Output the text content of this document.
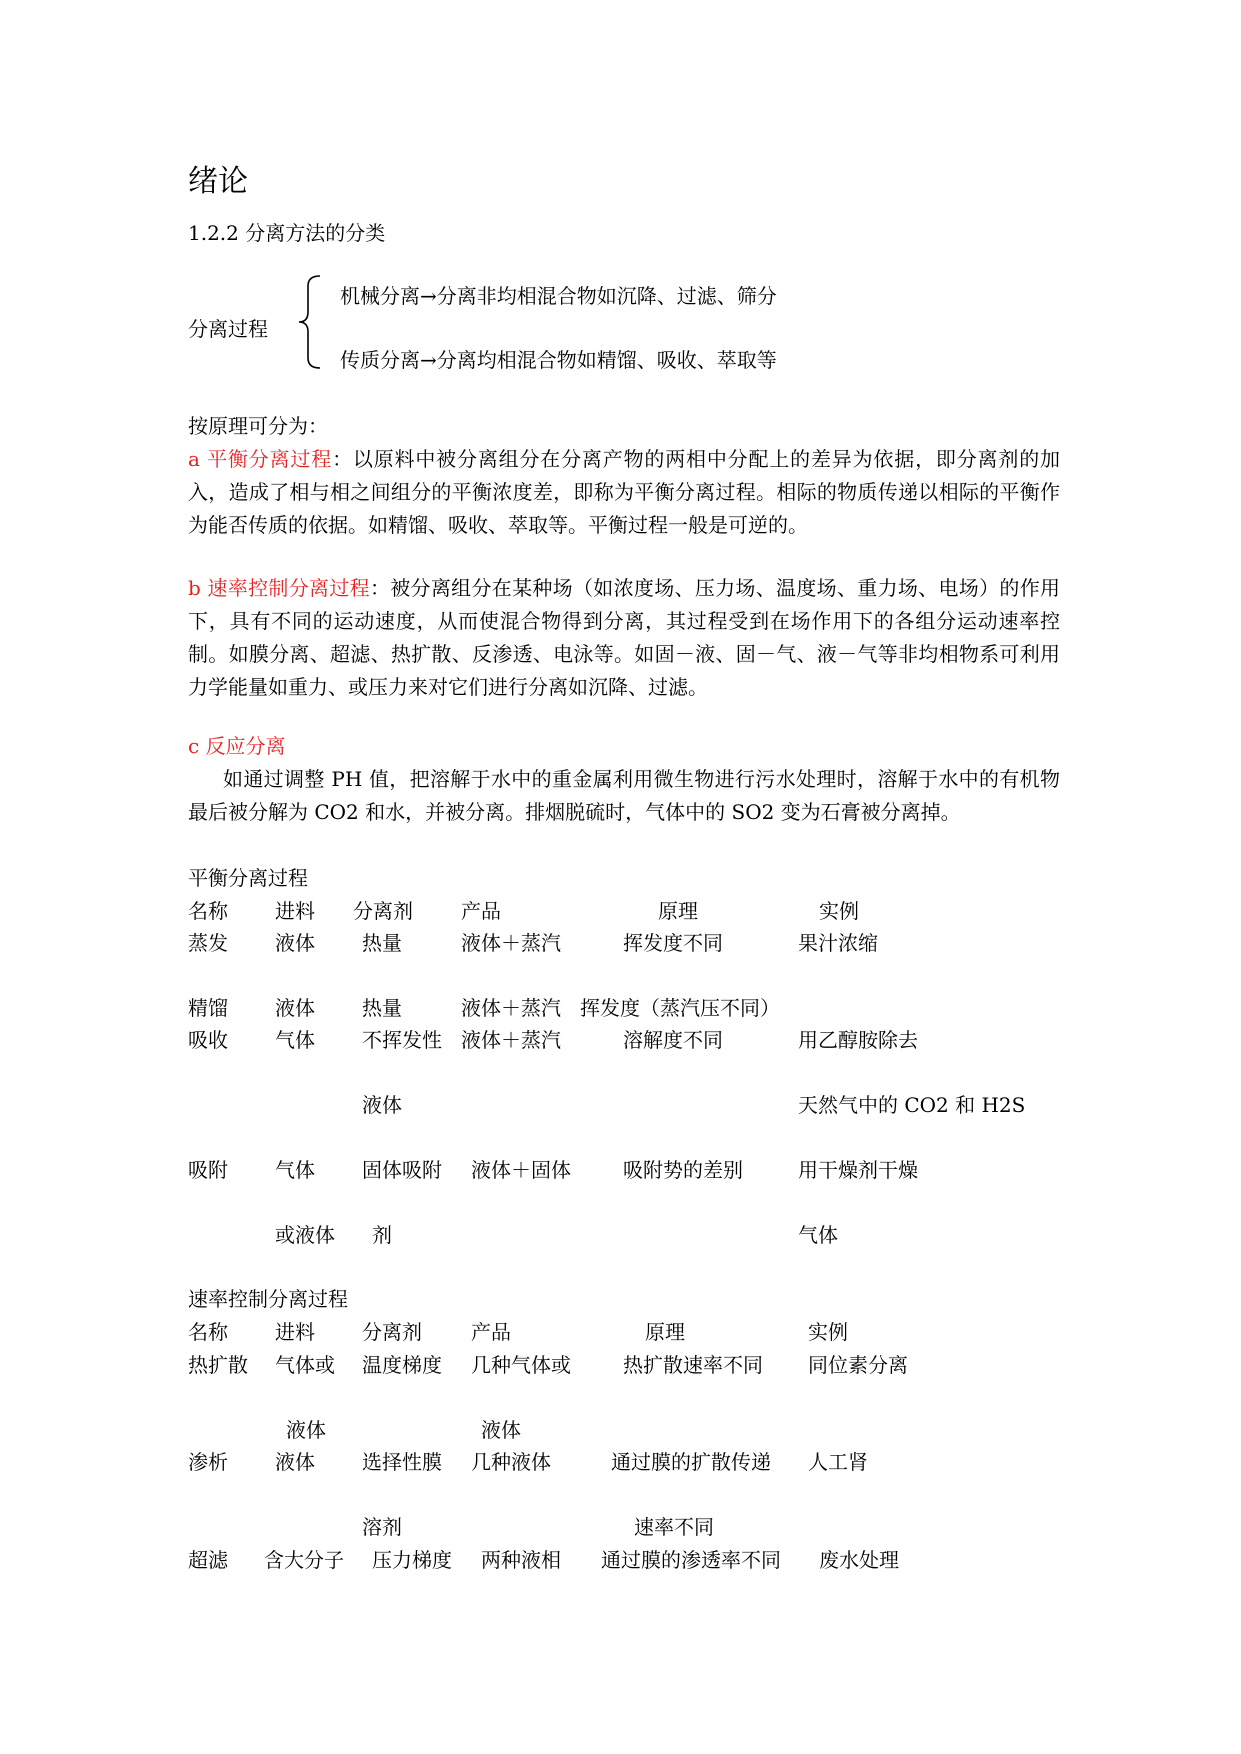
绪论
1.2.2 分离方法的分类
分离过程
机械分离→分离非均相混合物如沉降、过滤、筛分
传质分离→分离均相混合物如精馏、吸收、萃取等
按原理可分为：
a 平衡分离过程：以原料中被分离组分在分离产物的两相中分配上的差异为依据，即分离剂的加入，造成了相与相之间组分的平衡浓度差，即称为平衡分离过程。相际的物质传递以相际的平衡作为能否传质的依据。如精馏、吸收、萃取等。平衡过程一般是可逆的。
b 速率控制分离过程：被分离组分在某种场（如浓度场、压力场、温度场、重力场、电场）的作用下，具有不同的运动速度，从而使混合物得到分离，其过程受到在场作用下的各组分运动速率控制。如膜分离、超滤、热扩散、反渗透、电泳等。如固－液、固－气、液－气等非均相物系可利用力学能量如重力、或压力来对它们进行分离如沉降、过滤。
c 反应分离
如通过调整 PH 值，把溶解于水中的重金属利用微生物进行污水处理时，溶解于水中的有机物最后被分解为 CO2 和水，并被分离。排烟脱硫时，气体中的 SO2 变为石膏被分离掉。
平衡分离过程
名称 进料 分离剂 产品	原理	实例
蒸发 液体 热量	液体＋蒸汽	挥发度不同	果汁浓缩
精馏 液体 热量	液体＋蒸汽 挥发度（蒸汽压不同）
吸收 气体 不挥发性 液体＋蒸汽	溶解度不同	用乙醇胺除去
液体	天然气中的 CO2 和 H2S
吸附 气体 固体吸附 液体＋固体	吸附势的差别	用干燥剂干燥
或液体 剂	气体
速率控制分离过程
名称 进料 分离剂 产品	原理	实例
热扩散 气体或 温度梯度 几种气体或	热扩散速率不同 同位素分离
液体	液体
渗析 液体 选择性膜 几种液体	通过膜的扩散传递 人工肾
溶剂	速率不同
超滤 含大分子 压力梯度 两种液相 通过膜的渗透率不同 废水处理
